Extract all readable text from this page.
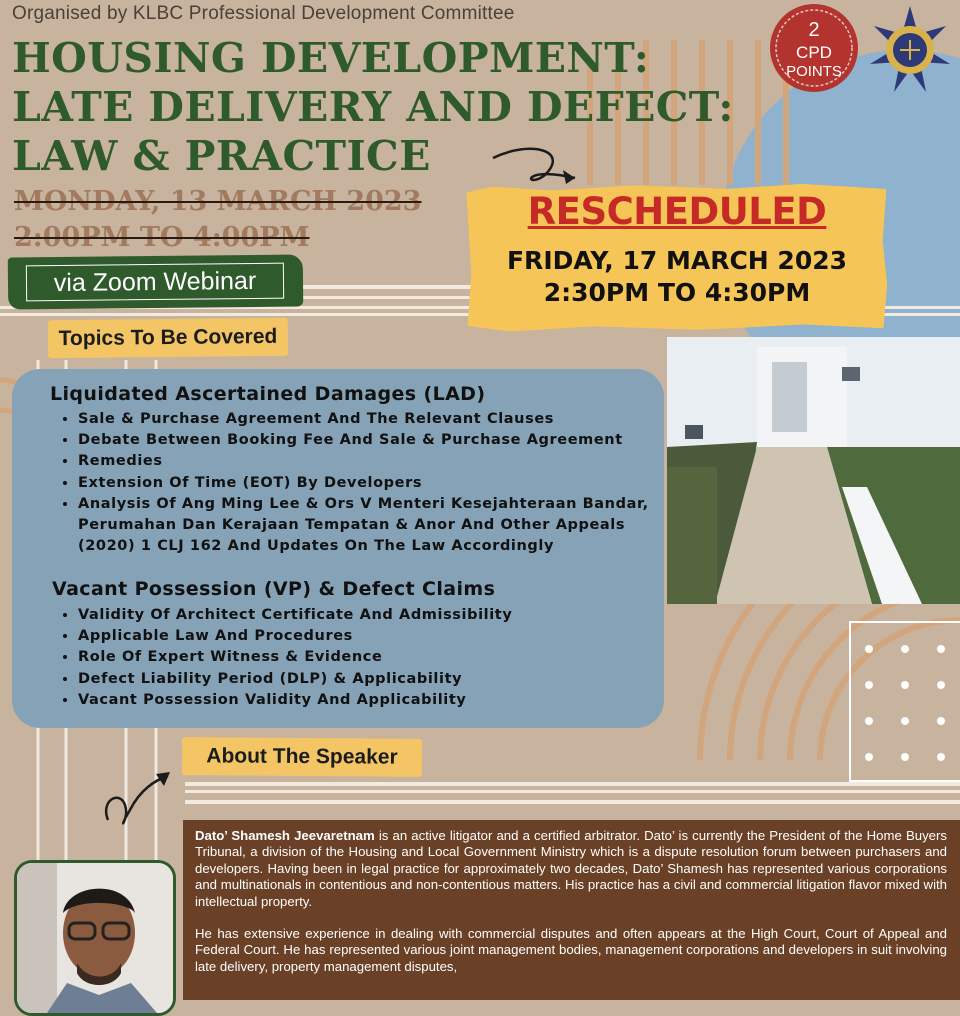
Organised by KLBC Professional Development Committee
HOUSING DEVELOPMENT:
LATE DELIVERY AND DEFECT:
LAW & PRACTICE
MONDAY, 13 MARCH 2023
2:00PM TO 4:00PM
via Zoom Webinar
2
CPD
POINTS
RESCHEDULED
FRIDAY, 17 MARCH 2023
2:30PM TO 4:30PM
Topics To Be Covered
Liquidated Ascertained Damages (LAD)
• Sale & Purchase Agreement And The Relevant Clauses
• Debate Between Booking Fee And Sale & Purchase Agreement
• Remedies
• Extension Of Time (EOT) By Developers
• Analysis Of Ang Ming Lee & Ors V Menteri Kesejahteraan Bandar, Perumahan Dan Kerajaan Tempatan & Anor And Other Appeals (2020) 1 CLJ 162 And Updates On The Law Accordingly
Vacant Possession (VP) & Defect Claims
• Validity Of Architect Certificate And Admissibility
• Applicable Law And Procedures
• Role Of Expert Witness & Evidence
• Defect Liability Period (DLP) & Applicability
• Vacant Possession Validity And Applicability
About The Speaker

Dato’ Shamesh Jeevaretnam is an active litigator and a certified arbitrator. Dato’ is currently the President of the Home Buyers Tribunal, a division of the Housing and Local Government Ministry which is a dispute resolution forum between purchasers and developers. Having been in legal practice for approximately two decades, Dato’ Shamesh has represented various corporations and multinationals in contentious and non-contentious matters. His practice has a civil and commercial litigation flavor mixed with intellectual property.

He has extensive experience in dealing with commercial disputes and often appears at the High Court, Court of Appeal and Federal Court. He has represented various joint management bodies, management corporations and developers in suit involving late delivery, property management disputes,
